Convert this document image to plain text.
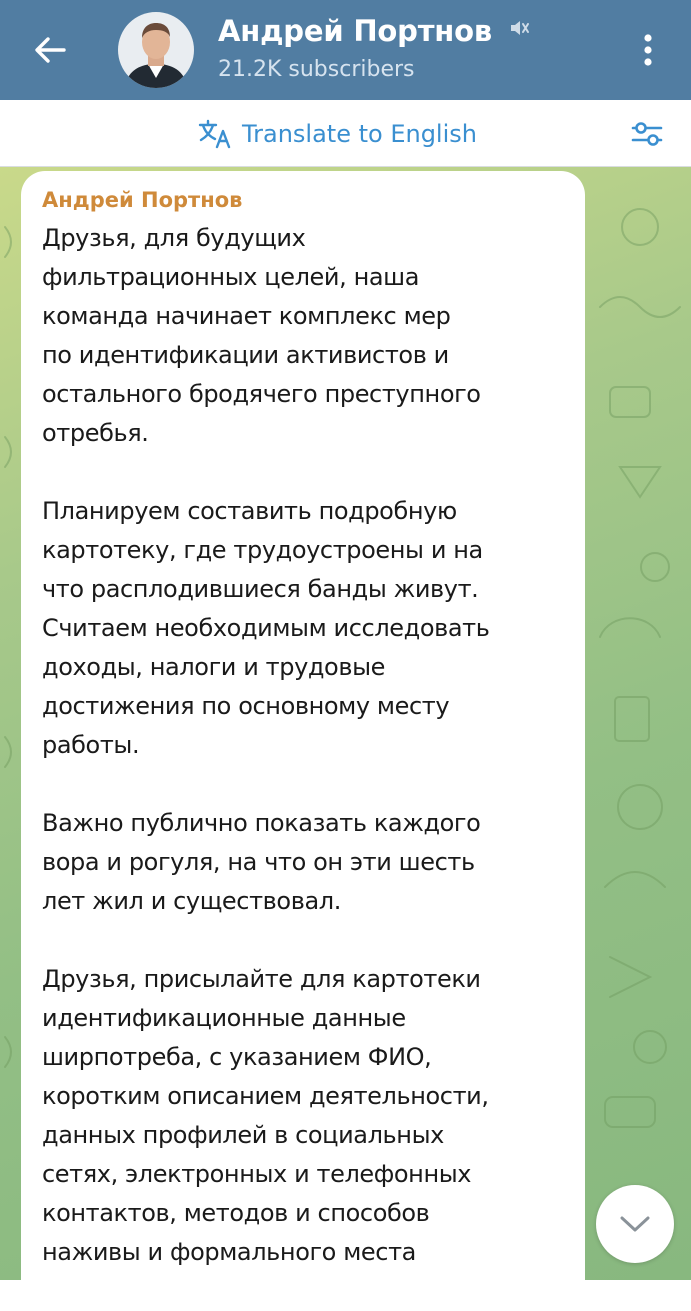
Андрей Портнов
21.2K subscribers
Translate to English
Андрей Портнов
Друзья, для будущих
фильтрационных целей, наша
команда начинает комплекс мер
по идентификации активистов и
остального бродячего преступного
отребья.
Планируем составить подробную
картотеку, где трудоустроены и на
что расплодившиеся банды живут.
Считаем необходимым исследовать
доходы, налоги и трудовые
достижения по основному месту
работы.
Важно публично показать каждого
вора и рогуля, на что он эти шесть
лет жил и существовал.
Друзья, присылайте для картотеки
идентификационные данные
ширпотреба, с указанием ФИО,
коротким описанием деятельности,
данных профилей в социальных
сетях, электронных и телефонных
контактов, методов и способов
наживы и формального места
